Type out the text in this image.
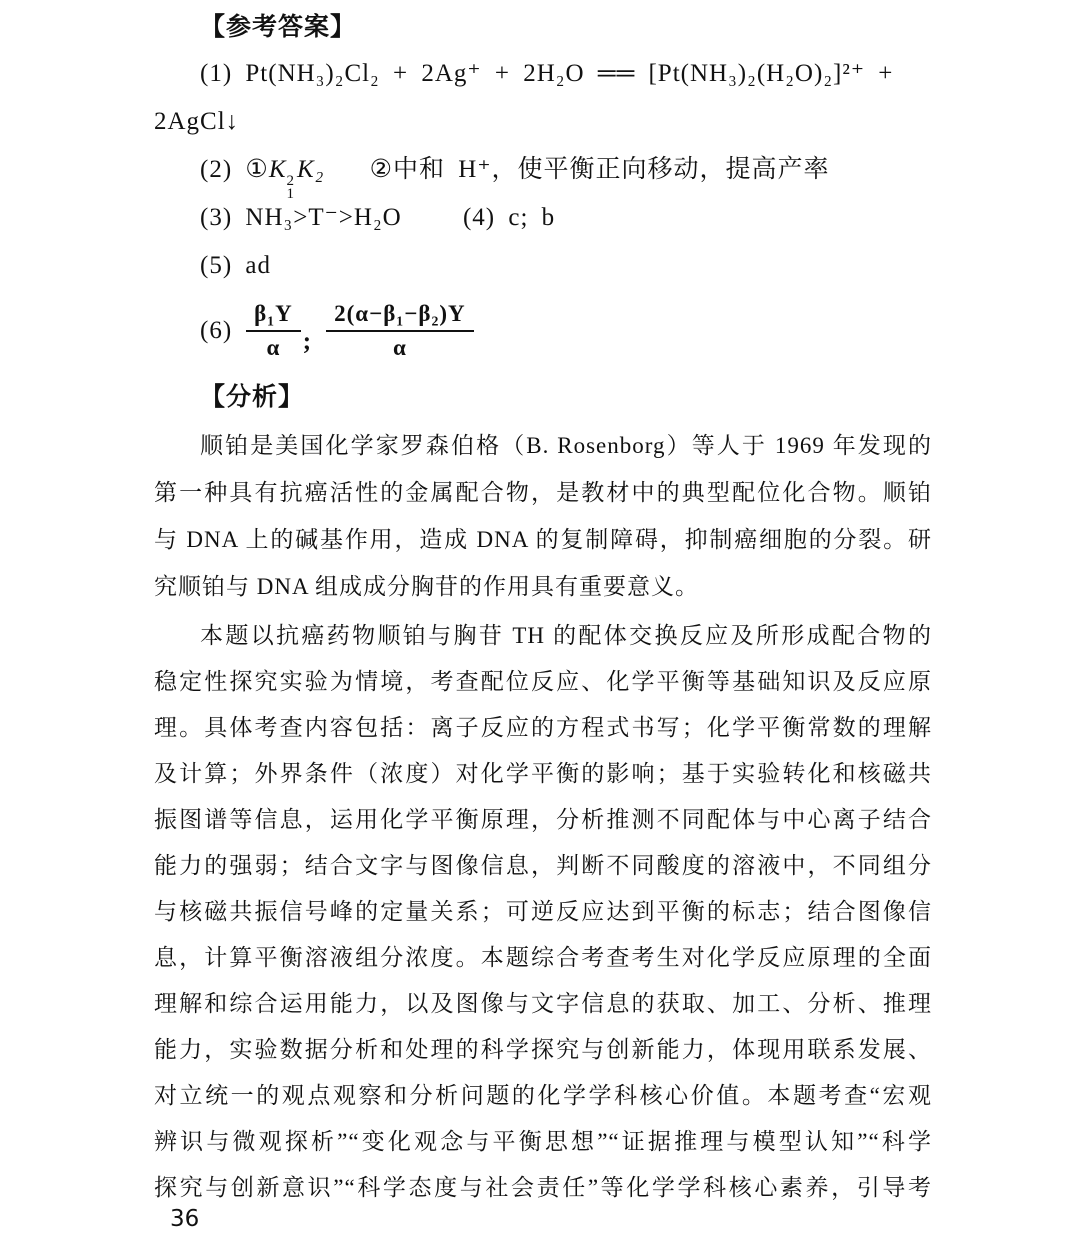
【参考答案】
(1) Pt(NH₃)₂Cl₂ + 2Ag⁺ + 2H₂O ══ [Pt(NH₃)₂(H₂O)₂]²⁺ +
2AgCl↓
(2) ①K 2
1
K₂ ②中和 H⁺，使平衡正向移动，提高产率
(3) NH₃>T⁻>H₂O (4) c; b
(5) ad
$(6) \frac{\text{β₁Y}}{\alpha}$ ; $\frac{\text{2(α−β₁−β₂)Y}}{\alpha}$
【分析】
顺铂是美国化学家罗森伯格（B. Rosenborg）等人于 1969 年发现的
第一种具有抗癌活性的金属配合物，是教材中的典型配位化合物。顺铂
与 DNA 上的碱基作用，造成 DNA 的复制障碍，抑制癌细胞的分裂。研
究顺铂与 DNA 组成成分胸苷的作用具有重要意义。
本题以抗癌药物顺铂与胸苷 TH 的配体交换反应及所形成配合物的
稳定性探究实验为情境，考查配位反应、化学平衡等基础知识及反应原
理。具体考查内容包括：离子反应的方程式书写；化学平衡常数的理解
及计算；外界条件（浓度）对化学平衡的影响；基于实验转化和核磁共
振图谱等信息，运用化学平衡原理，分析推测不同配体与中心离子结合
能力的强弱；结合文字与图像信息，判断不同酸度的溶液中，不同组分
与核磁共振信号峰的定量关系；可逆反应达到平衡的标志；结合图像信
息，计算平衡溶液组分浓度。本题综合考查考生对化学反应原理的全面
理解和综合运用能力，以及图像与文字信息的获取、加工、分析、推理
能力，实验数据分析和处理的科学探究与创新能力，体现用联系发展、
对立统一的观点观察和分析问题的化学学科核心价值。本题考查“宏观
辨识与微观探析”“变化观念与平衡思想”“证据推理与模型认知”“科学
探究与创新意识”“科学态度与社会责任”等化学学科核心素养，引导考
36
